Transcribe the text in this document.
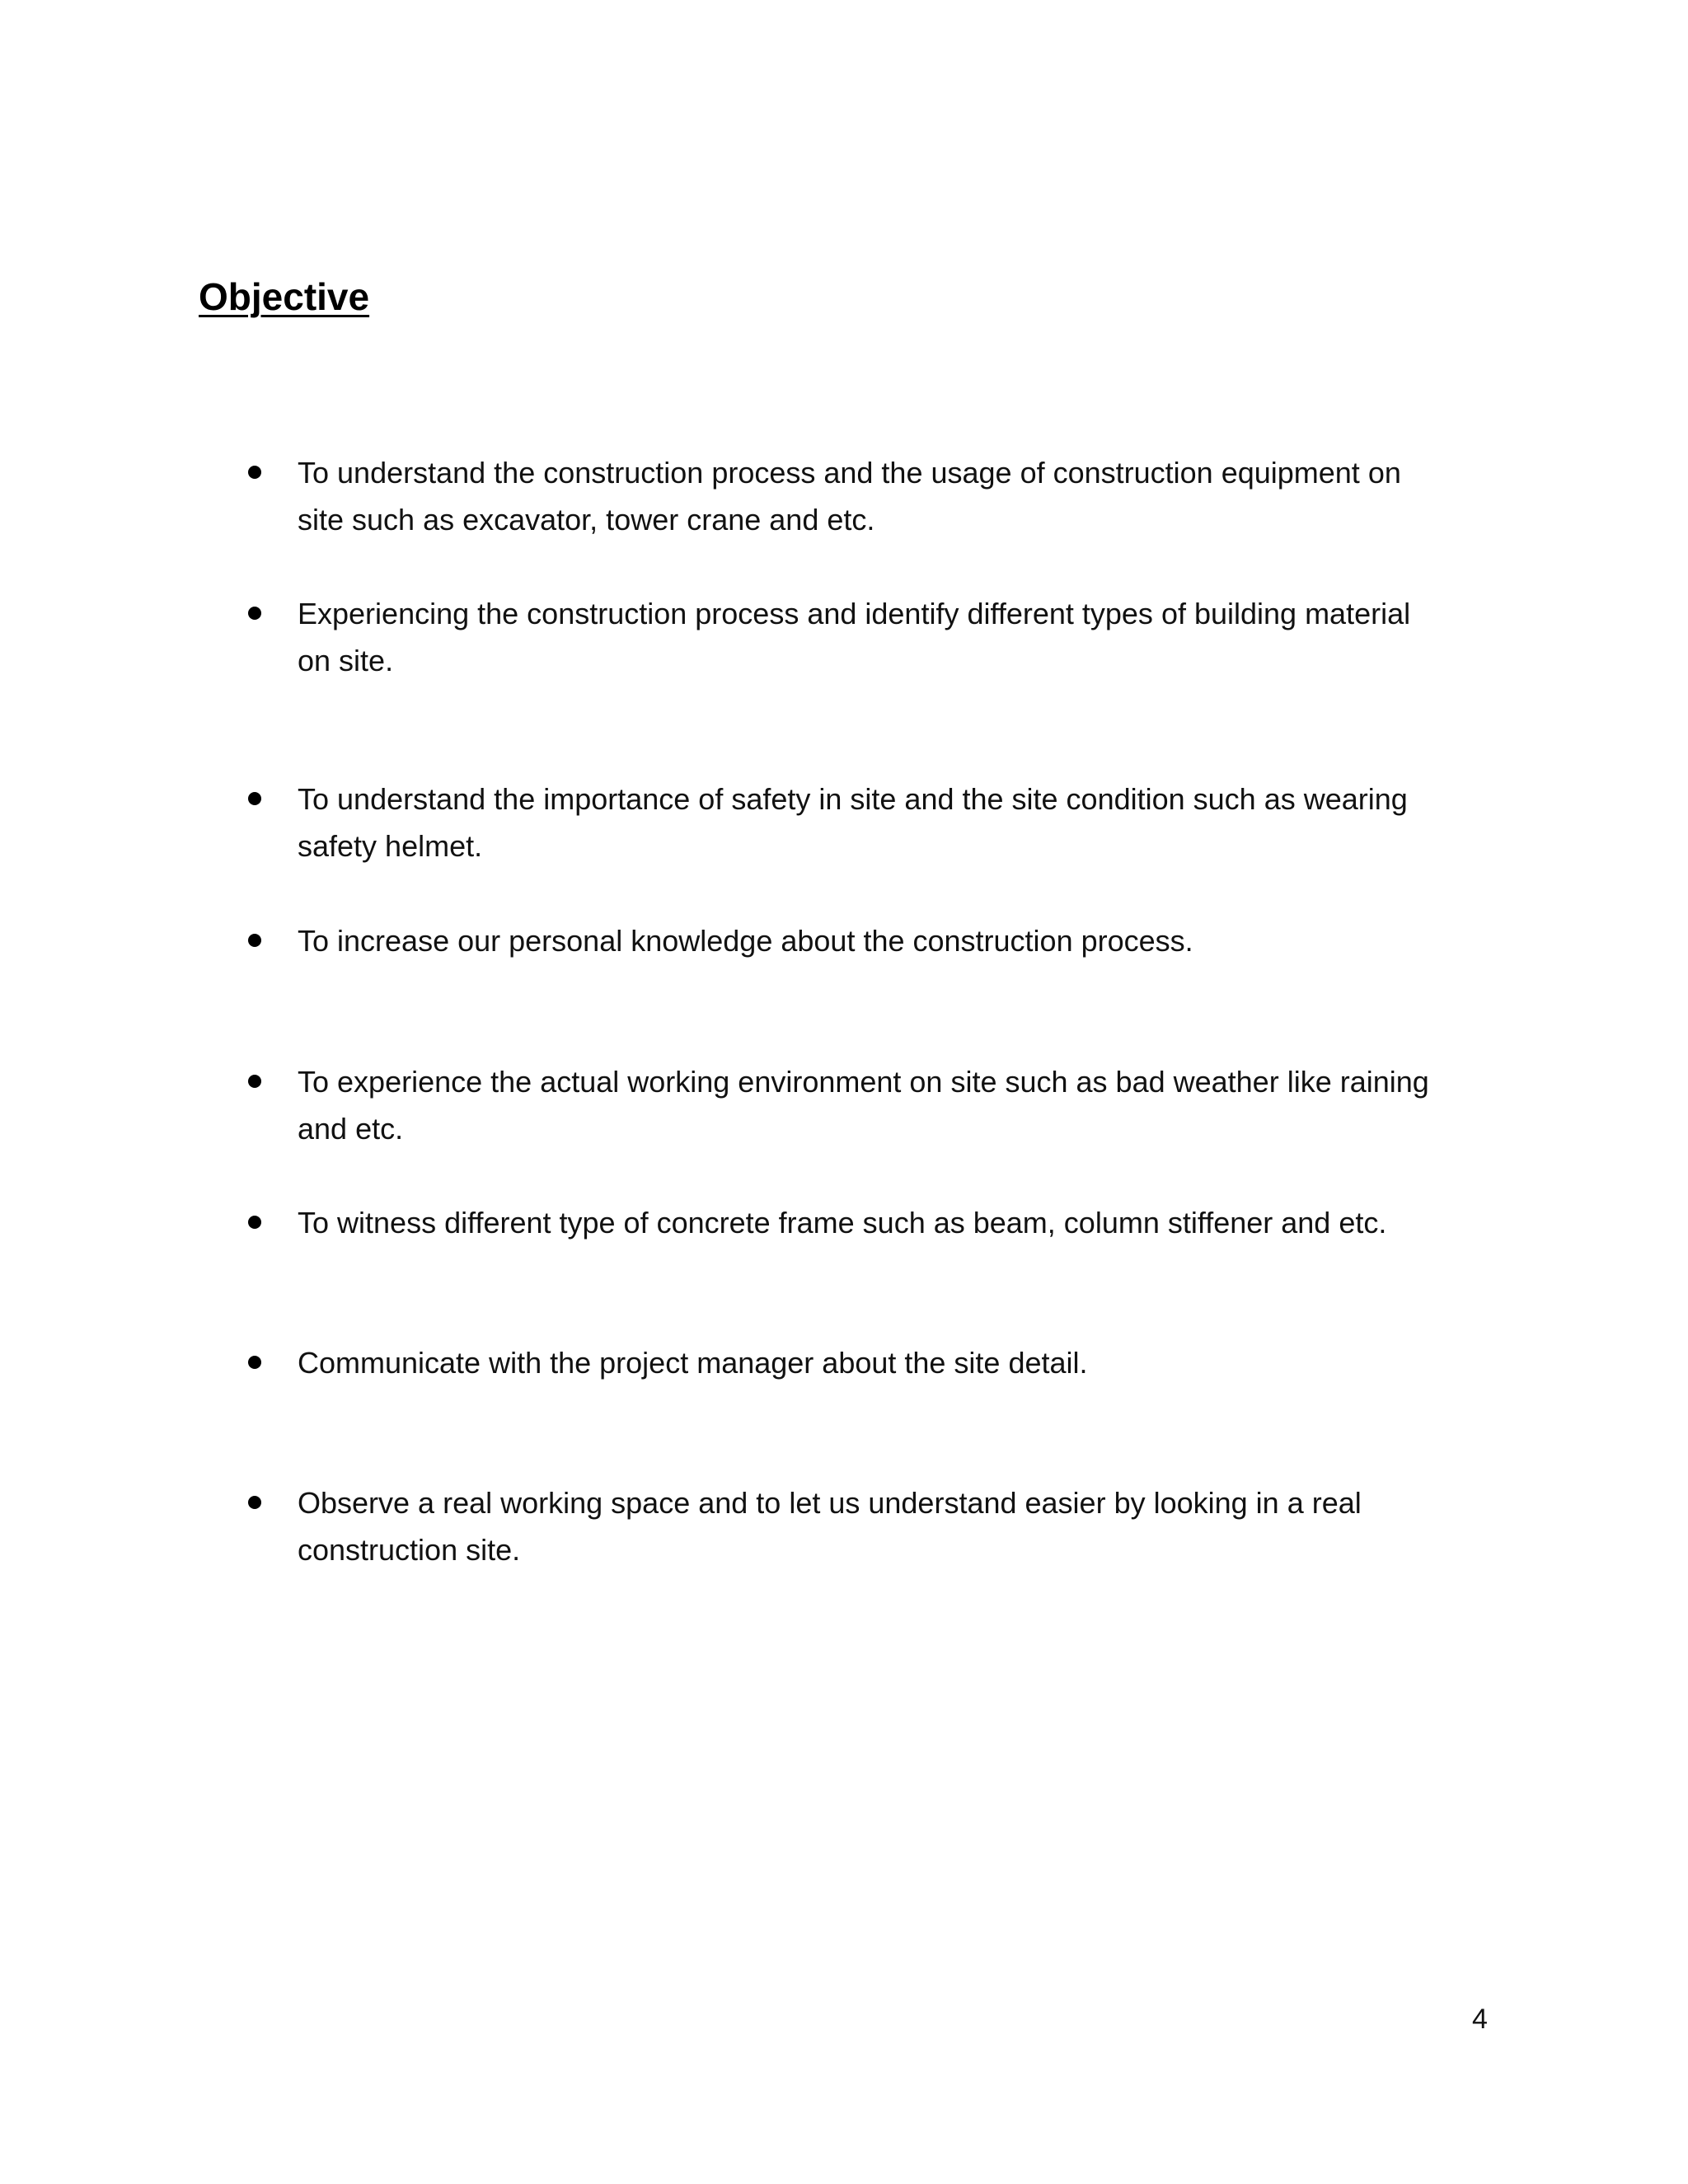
Objective

To understand the construction process and the usage of construction equipment on
site such as excavator, tower crane and etc.

Experiencing the construction process and identify different types of building material
on site.

To understand the importance of safety in site and the site condition such as wearing
safety helmet.

To increase our personal knowledge about the construction process.

To experience the actual working environment on site such as bad weather like raining
and etc.

To witness different type of concrete frame such as beam, column stiffener and etc.

Communicate with the project manager about the site detail.

Observe a real working space and to let us understand easier by looking in a real
construction site.

4
